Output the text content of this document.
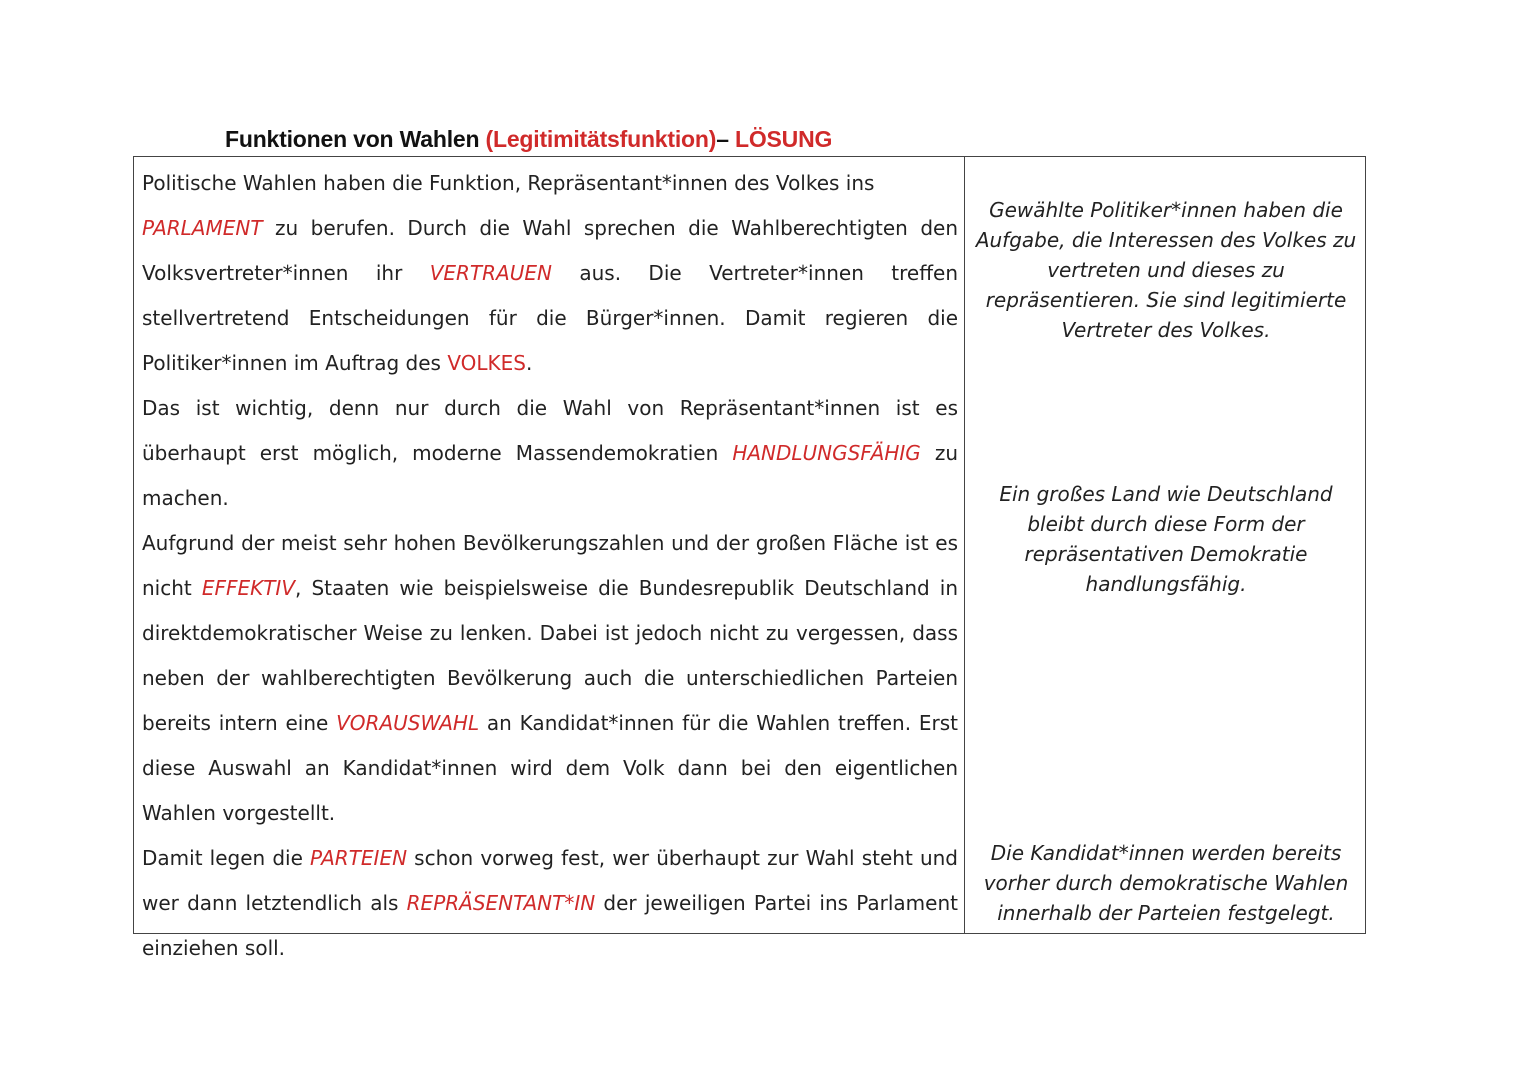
Funktionen von Wahlen (Legitimitätsfunktion)– LÖSUNG

Politische Wahlen haben die Funktion, Repräsentant*innen des Volkes ins
PARLAMENT zu berufen. Durch die Wahl sprechen die Wahlberechtigten den Volksvertreter*innen ihr VERTRAUEN aus. Die Vertreter*innen treffen stellvertretend Entscheidungen für die Bürger*innen. Damit regieren die Politiker*innen im Auftrag des VOLKES.

Das ist wichtig, denn nur durch die Wahl von Repräsentant*innen ist es überhaupt erst möglich, moderne Massendemokratien HANDLUNGSFÄHIG zu machen.

Aufgrund der meist sehr hohen Bevölkerungszahlen und der großen Fläche ist es nicht EFFEKTIV, Staaten wie beispielsweise die Bundesrepublik Deutschland in direktdemokratischer Weise zu lenken. Dabei ist jedoch nicht zu vergessen, dass neben der wahlberechtigten Bevölkerung auch die unterschiedlichen Parteien bereits intern eine VORAUSWAHL an Kandidat*innen für die Wahlen treffen. Erst diese Auswahl an Kandidat*innen wird dem Volk dann bei den eigentlichen Wahlen vorgestellt.

Damit legen die PARTEIEN schon vorweg fest, wer überhaupt zur Wahl steht und wer dann letztendlich als REPRÄSENTANT*IN der jeweiligen Partei ins Parlament einziehen soll.

Gewählte Politiker*innen haben die Aufgabe, die Interessen des Volkes zu vertreten und dieses zu repräsentieren. Sie sind legitimierte Vertreter des Volkes.
Ein großes Land wie Deutschland bleibt durch diese Form der repräsentativen Demokratie handlungsfähig.
Die Kandidat*innen werden bereits vorher durch demokratische Wahlen innerhalb der Parteien festgelegt.
